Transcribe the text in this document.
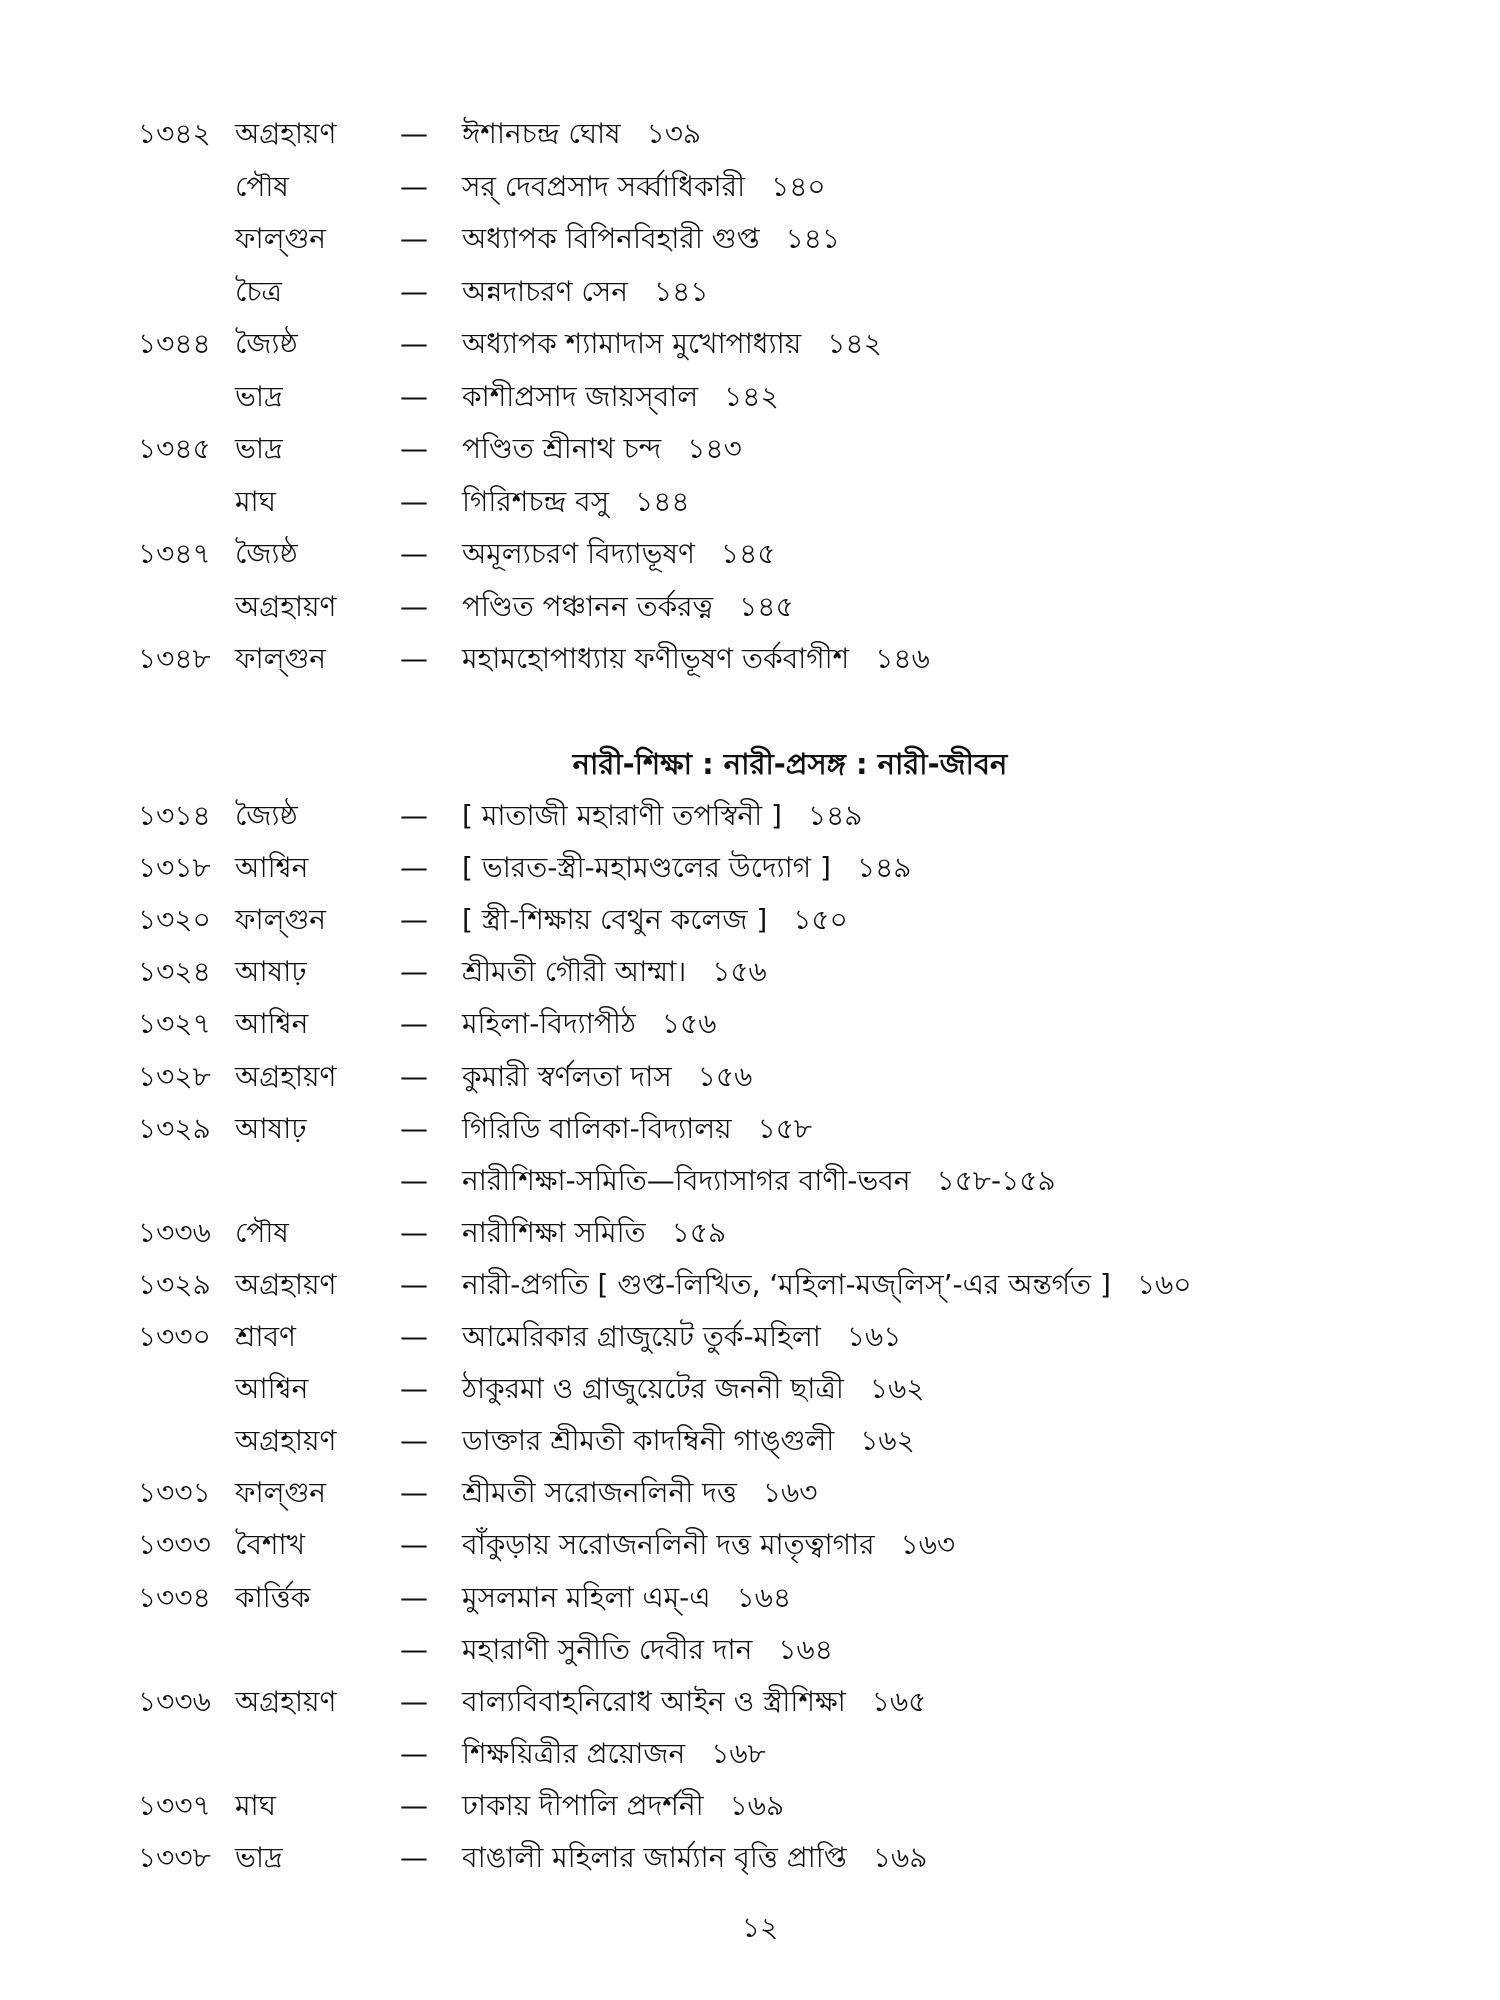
১৩৪২ অগ্রহায়ণ — ঈশানচন্দ্র ঘোষ ১৩৯
পৌষ	— সর্ দেবপ্রসাদ সর্ব্বাধিকারী ১৪০
ফাল্গুন	— অধ্যাপক বিপিনবিহারী গুপ্ত ১৪১
চৈত্র	— অন্নদাচরণ সেন ১৪১
১৩৪৪ জ্যৈষ্ঠ	— অধ্যাপক শ্যামাদাস মুখোপাধ্যায় ১৪২
ভাদ্র	— কাশীপ্রসাদ জায়স্‌বাল ১৪২
১৩৪৫ ভাদ্র	— পণ্ডিত শ্রীনাথ চন্দ ১৪৩
মাঘ	— গিরিশচন্দ্র বসু ১৪৪
১৩৪৭ জ্যৈষ্ঠ	— অমূল্যচরণ বিদ্যাভূষণ ১৪৫
অগ্রহায়ণ — পণ্ডিত পঞ্চানন তর্করত্ন ১৪৫
১৩৪৮ ফাল্গুন	— মহামহোপাধ্যায় ফণীভূষণ তর্কবাগীশ ১৪৬
নারী-শিক্ষা : নারী-প্রসঙ্গ : নারী-জীবন
১৩১৪ জ্যৈষ্ঠ	— [ মাতাজী মহারাণী তপস্বিনী ] ১৪৯
১৩১৮ আশ্বিন	— [ ভারত-স্ত্রী-মহামণ্ডলের উদ্যোগ ] ১৪৯
১৩২০ ফাল্গুন	— [ স্ত্রী-শিক্ষায় বেথুন কলেজ ] ১৫০
১৩২৪ আষাঢ়	— শ্রীমতী গৌরী আম্মা। ১৫৬
১৩২৭ আশ্বিন	— মহিলা-বিদ্যাপীঠ ১৫৬
১৩২৮ অগ্রহায়ণ — কুমারী স্বর্ণলতা দাস ১৫৬
১৩২৯ আষাঢ়	— গিরিডি বালিকা-বিদ্যালয় ১৫৮
— নারীশিক্ষা-সমিতি—বিদ্যাসাগর বাণী-ভবন ১৫৮-১৫৯
১৩৩৬ পৌষ	— নারীশিক্ষা সমিতি ১৫৯
১৩২৯ অগ্রহায়ণ — নারী-প্রগতি [ গুপ্ত-লিখিত, ‘মহিলা-মজ্‌লিস্’-এর অন্তর্গত ] ১৬০
১৩৩০ শ্রাবণ	— আমেরিকার গ্রাজুয়েট তুর্ক-মহিলা ১৬১
আশ্বিন	— ঠাকুরমা ও গ্রাজুয়েটের জননী ছাত্রী ১৬২
অগ্রহায়ণ — ডাক্তার শ্রীমতী কাদম্বিনী গাঙ্গুলী ১৬২
১৩৩১ ফাল্গুন	— শ্রীমতী সরোজনলিনী দত্ত ১৬৩
১৩৩৩ বৈশাখ	— বাঁকুড়ায় সরোজনলিনী দত্ত মাতৃত্বাগার ১৬৩
১৩৩৪ কার্ত্তিক	— মুসলমান মহিলা এম্-এ ১৬৪
— মহারাণী সুনীতি দেবীর দান ১৬৪
১৩৩৬ অগ্রহায়ণ — বাল্যবিবাহনিরোধ আইন ও স্ত্রীশিক্ষা ১৬৫
— শিক্ষয়িত্রীর প্রয়োজন ১৬৮
১৩৩৭ মাঘ	— ঢাকায় দীপালি প্রদর্শনী ১৬৯
১৩৩৮ ভাদ্র	— বাঙালী মহিলার জার্ম্যান বৃত্তি প্রাপ্তি ১৬৯
১২
